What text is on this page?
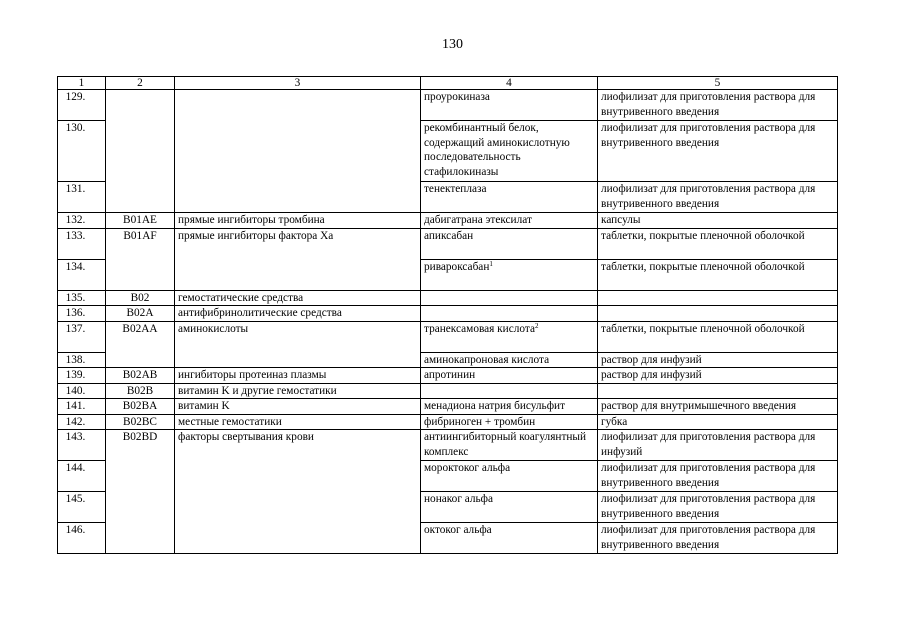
130
1	2	3	4	5
129.			проурокиназа	лиофилизат для приготовления раствора для внутривенного введения
130.			рекомбинантный белок, содержащий аминокислотную последовательность стафилокиназы	лиофилизат для приготовления раствора для внутривенного введения
131.			тенектеплаза	лиофилизат для приготовления раствора для внутривенного введения
132.	B01AE	прямые ингибиторы тромбина	дабигатрана этексилат	капсулы
133.	B01AF	прямые ингибиторы фактора Xa	апиксабан	таблетки, покрытые пленочной оболочкой
134.			ривароксабан$^1$	таблетки, покрытые пленочной оболочкой
135.	B02	гемостатические средства		
136.	B02A	антифибринолитические средства		
137.	B02AA	аминокислоты	транексамовая кислота$^2$	таблетки, покрытые пленочной оболочкой
138.			аминокапроновая кислота	раствор для инфузий
139.	B02AB	ингибиторы протеиназ плазмы	апротинин	раствор для инфузий
140.	B02B	витамин K и другие гемостатики		
141.	B02BA	витамин K	менадиона натрия бисульфит	раствор для внутримышечного введения
142.	B02BC	местные гемостатики	фибриноген + тромбин	губка
143.	B02BD	факторы свертывания крови	антиингибиторный коагулянтный комплекс	лиофилизат для приготовления раствора для инфузий
144.			мороктоког альфа	лиофилизат для приготовления раствора для внутривенного введения
145.			нонаког альфа	лиофилизат для приготовления раствора для внутривенного введения
146.			октоког альфа	лиофилизат для приготовления раствора для внутривенного введения
